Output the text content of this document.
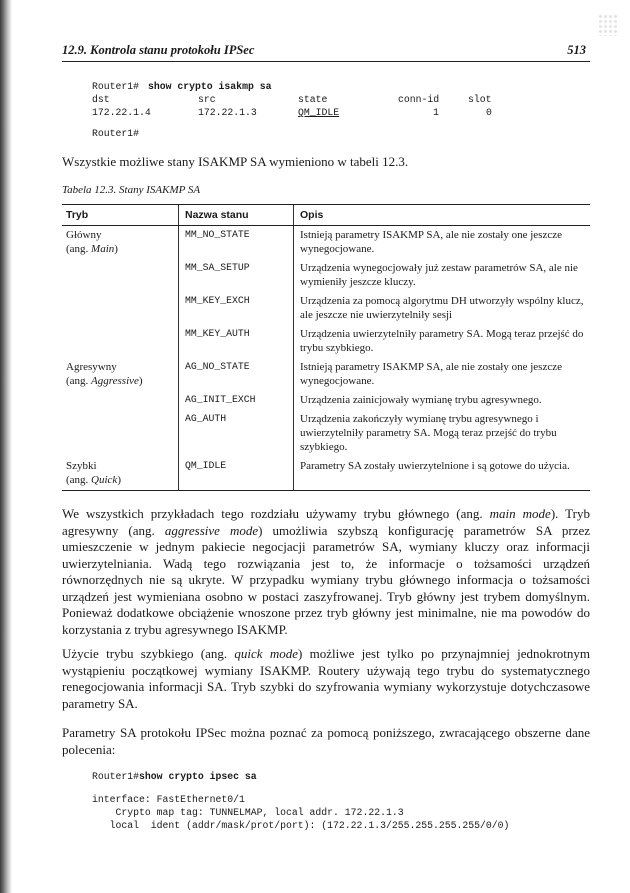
12.9. Kontrola stanu protokołu IPSec	513
Router1# show crypto isakmp sa
dst	src	state	conn-id	slot
172.22.1.4	172.22.1.3	QM_IDLE	1	0
Router1#
Wszystkie możliwe stany ISAKMP SA wymieniono w tabeli 12.3.
Tabela 12.3. Stany ISAKMP SA
Tryb	Nazwa stanu	Opis

Główny
(ang. Main)	MM_NO_STATE	Istnieją parametry ISAKMP SA, ale nie zostały one jeszcze wynegocjowane.

	MM_SA_SETUP	Urządzenia wynegocjowały już zestaw parametrów SA, ale nie wymieniły jeszcze kluczy.

	MM_KEY_EXCH	Urządzenia za pomocą algorytmu DH utworzyły wspólny klucz, ale jeszcze nie uwierzytelniły sesji

	MM_KEY_AUTH	Urządzenia uwierzytelniły parametry SA. Mogą teraz przejść do trybu szybkiego.

Agresywny
(ang. Aggressive)	AG_NO_STATE	Istnieją parametry ISAKMP SA, ale nie zostały one jeszcze wynegocjowane.

	AG_INIT_EXCH	Urządzenia zainicjowały wymianę trybu agresywnego.

	AG_AUTH	Urządzenia zakończyły wymianę trybu agresywnego i uwierzytelniły parametry SA. Mogą teraz przejść do trybu szybkiego.

Szybki
(ang. Quick)	QM_IDLE	Parametry SA zostały uwierzytelnione i są gotowe do użycia.
We wszystkich przykładach tego rozdziału używamy trybu głównego (ang. main mode). Tryb agresywny (ang. aggressive mode) umożliwia szybszą konfigurację parametrów SA przez umieszczenie w jednym pakiecie negocjacji parametrów SA, wymiany kluczy oraz informacji uwierzytelniania. Wadą tego rozwiązania jest to, że informacje o tożsamości urządzeń równorzędnych nie są ukryte. W przypadku wymiany trybu głównego informacja o tożsamości urządzeń jest wymieniana osobno w postaci zaszyfrowanej. Tryb główny jest trybem domyślnym. Ponieważ dodatkowe obciążenie wnoszone przez tryb główny jest minimalne, nie ma powodów do korzystania z trybu agresywnego ISAKMP.
Użycie trybu szybkiego (ang. quick mode) możliwe jest tylko po przynajmniej jednokrotnym wystąpieniu początkowej wymiany ISAKMP. Routery używają tego trybu do systematycznego renegocjowania informacji SA. Tryb szybki do szyfrowania wymiany wykorzystuje dotychczasowe parametry SA.
Parametry SA protokołu IPSec można poznać za pomocą poniższego, zwracającego obszerne dane polecenia:
Router1#show crypto ipsec sa
interface: FastEthernet0/1
Crypto map tag: TUNNELMAP, local addr. 172.22.1.3
local  ident (addr/mask/prot/port): (172.22.1.3/255.255.255.255/0/0)
